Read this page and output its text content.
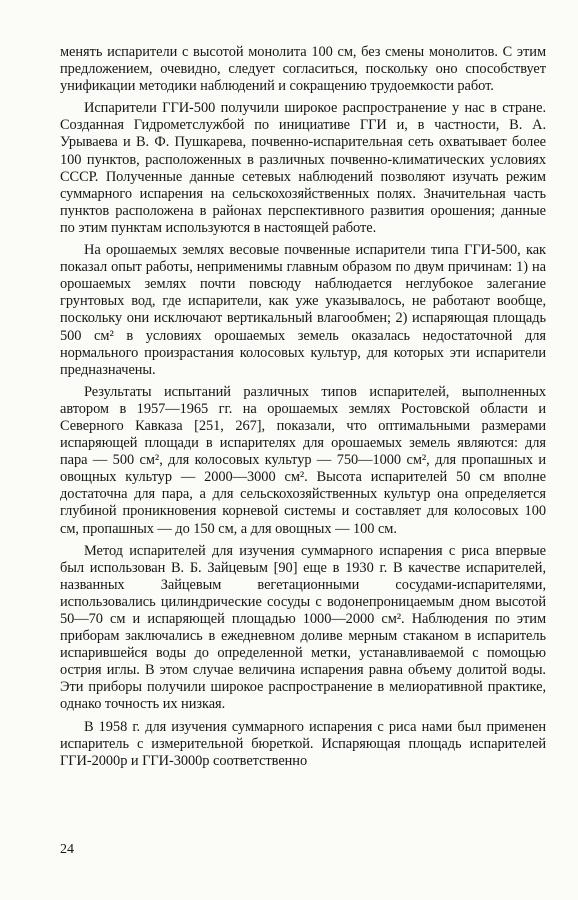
менять испарители с высотой монолита 100 см, без смены монолитов. С этим предложением, очевидно, следует согласиться, поскольку оно способствует унификации методики наблюдений и сокращению трудоемкости работ.

Испарители ГГИ-500 получили широкое распространение у нас в стране. Созданная Гидрометслужбой по инициативе ГГИ и, в частности, В. А. Урываева и В. Ф. Пушкарева, почвенно-испарительная сеть охватывает более 100 пунктов, расположенных в различных почвенно-климатических условиях СССР. Полученные данные сетевых наблюдений позволяют изучать режим суммарного испарения на сельскохозяйственных полях. Значительная часть пунктов расположена в районах перспективного развития орошения; данные по этим пунктам используются в настоящей работе.

На орошаемых землях весовые почвенные испарители типа ГГИ-500, как показал опыт работы, неприменимы главным образом по двум причинам: 1) на орошаемых землях почти повсюду наблюдается неглубокое залегание грунтовых вод, где испарители, как уже указывалось, не работают вообще, поскольку они исключают вертикальный влагообмен; 2) испаряющая площадь 500 см² в условиях орошаемых земель оказалась недостаточной для нормального произрастания колосовых культур, для которых эти испарители предназначены.

Результаты испытаний различных типов испарителей, выполненных автором в 1957—1965 гг. на орошаемых землях Ростовской области и Северного Кавказа [251, 267], показали, что оптимальными размерами испаряющей площади в испарителях для орошаемых земель являются: для пара — 500 см², для колосовых культур — 750—1000 см², для пропашных и овощных культур — 2000—3000 см². Высота испарителей 50 см вполне достаточна для пара, а для сельскохозяйственных культур она определяется глубиной проникновения корневой системы и составляет для колосовых 100 см, пропашных — до 150 см, а для овощных — 100 см.

Метод испарителей для изучения суммарного испарения с риса впервые был использован В. Б. Зайцевым [90] еще в 1930 г. В качестве испарителей, названных Зайцевым вегетационными сосудами-испарителями, использовались цилиндрические сосуды с водонепроницаемым дном высотой 50—70 см и испаряющей площадью 1000—2000 см². Наблюдения по этим приборам заключались в ежедневном доливе мерным стаканом в испаритель испарившейся воды до определенной метки, устанавливаемой с помощью острия иглы. В этом случае величина испарения равна объему долитой воды. Эти приборы получили широкое распространение в мелиоративной практике, однако точность их низкая.

В 1958 г. для изучения суммарного испарения с риса нами был применен испаритель с измерительной бюреткой. Испаряющая площадь испарителей ГГИ-2000р и ГГИ-3000р соответственно

24
